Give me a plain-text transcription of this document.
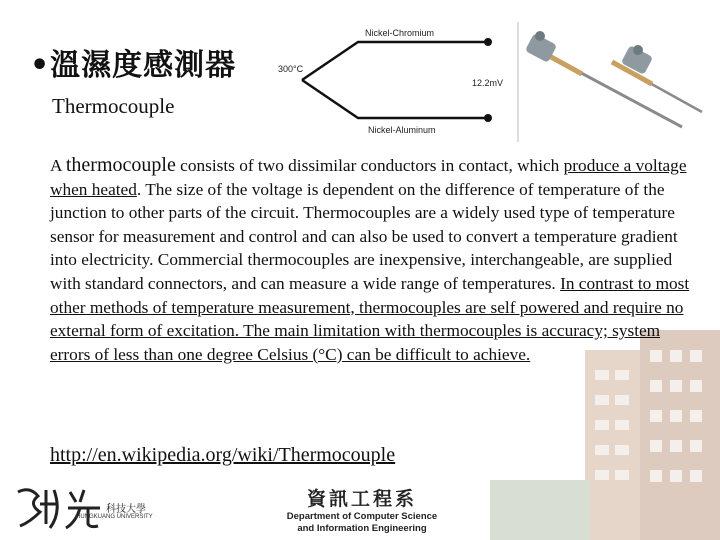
•溫濕度感測器

Thermocouple

Nickel-Chromium
Nickel-Aluminum
300°C
12.2mV

A thermocouple consists of two dissimilar conductors in contact, which produce a voltage when heated. The size of the voltage is dependent on the difference of temperature of the junction to other parts of the circuit. Thermocouples are a widely used type of temperature sensor for measurement and control and can also be used to convert a temperature gradient into electricity. Commercial thermocouples are inexpensive, interchangeable, are supplied with standard connectors, and can measure a wide range of temperatures. In contrast to most other methods of temperature measurement, thermocouples are self powered and require no external form of excitation. The main limitation with thermocouples is accuracy; system errors of less than one degree Celsius (°C) can be difficult to achieve.

http://en.wikipedia.org/wiki/Thermocouple
科技大學
HUNGKUANG UNIVERSITY
資訊工程系
Department of Computer Science
and Information Engineering
